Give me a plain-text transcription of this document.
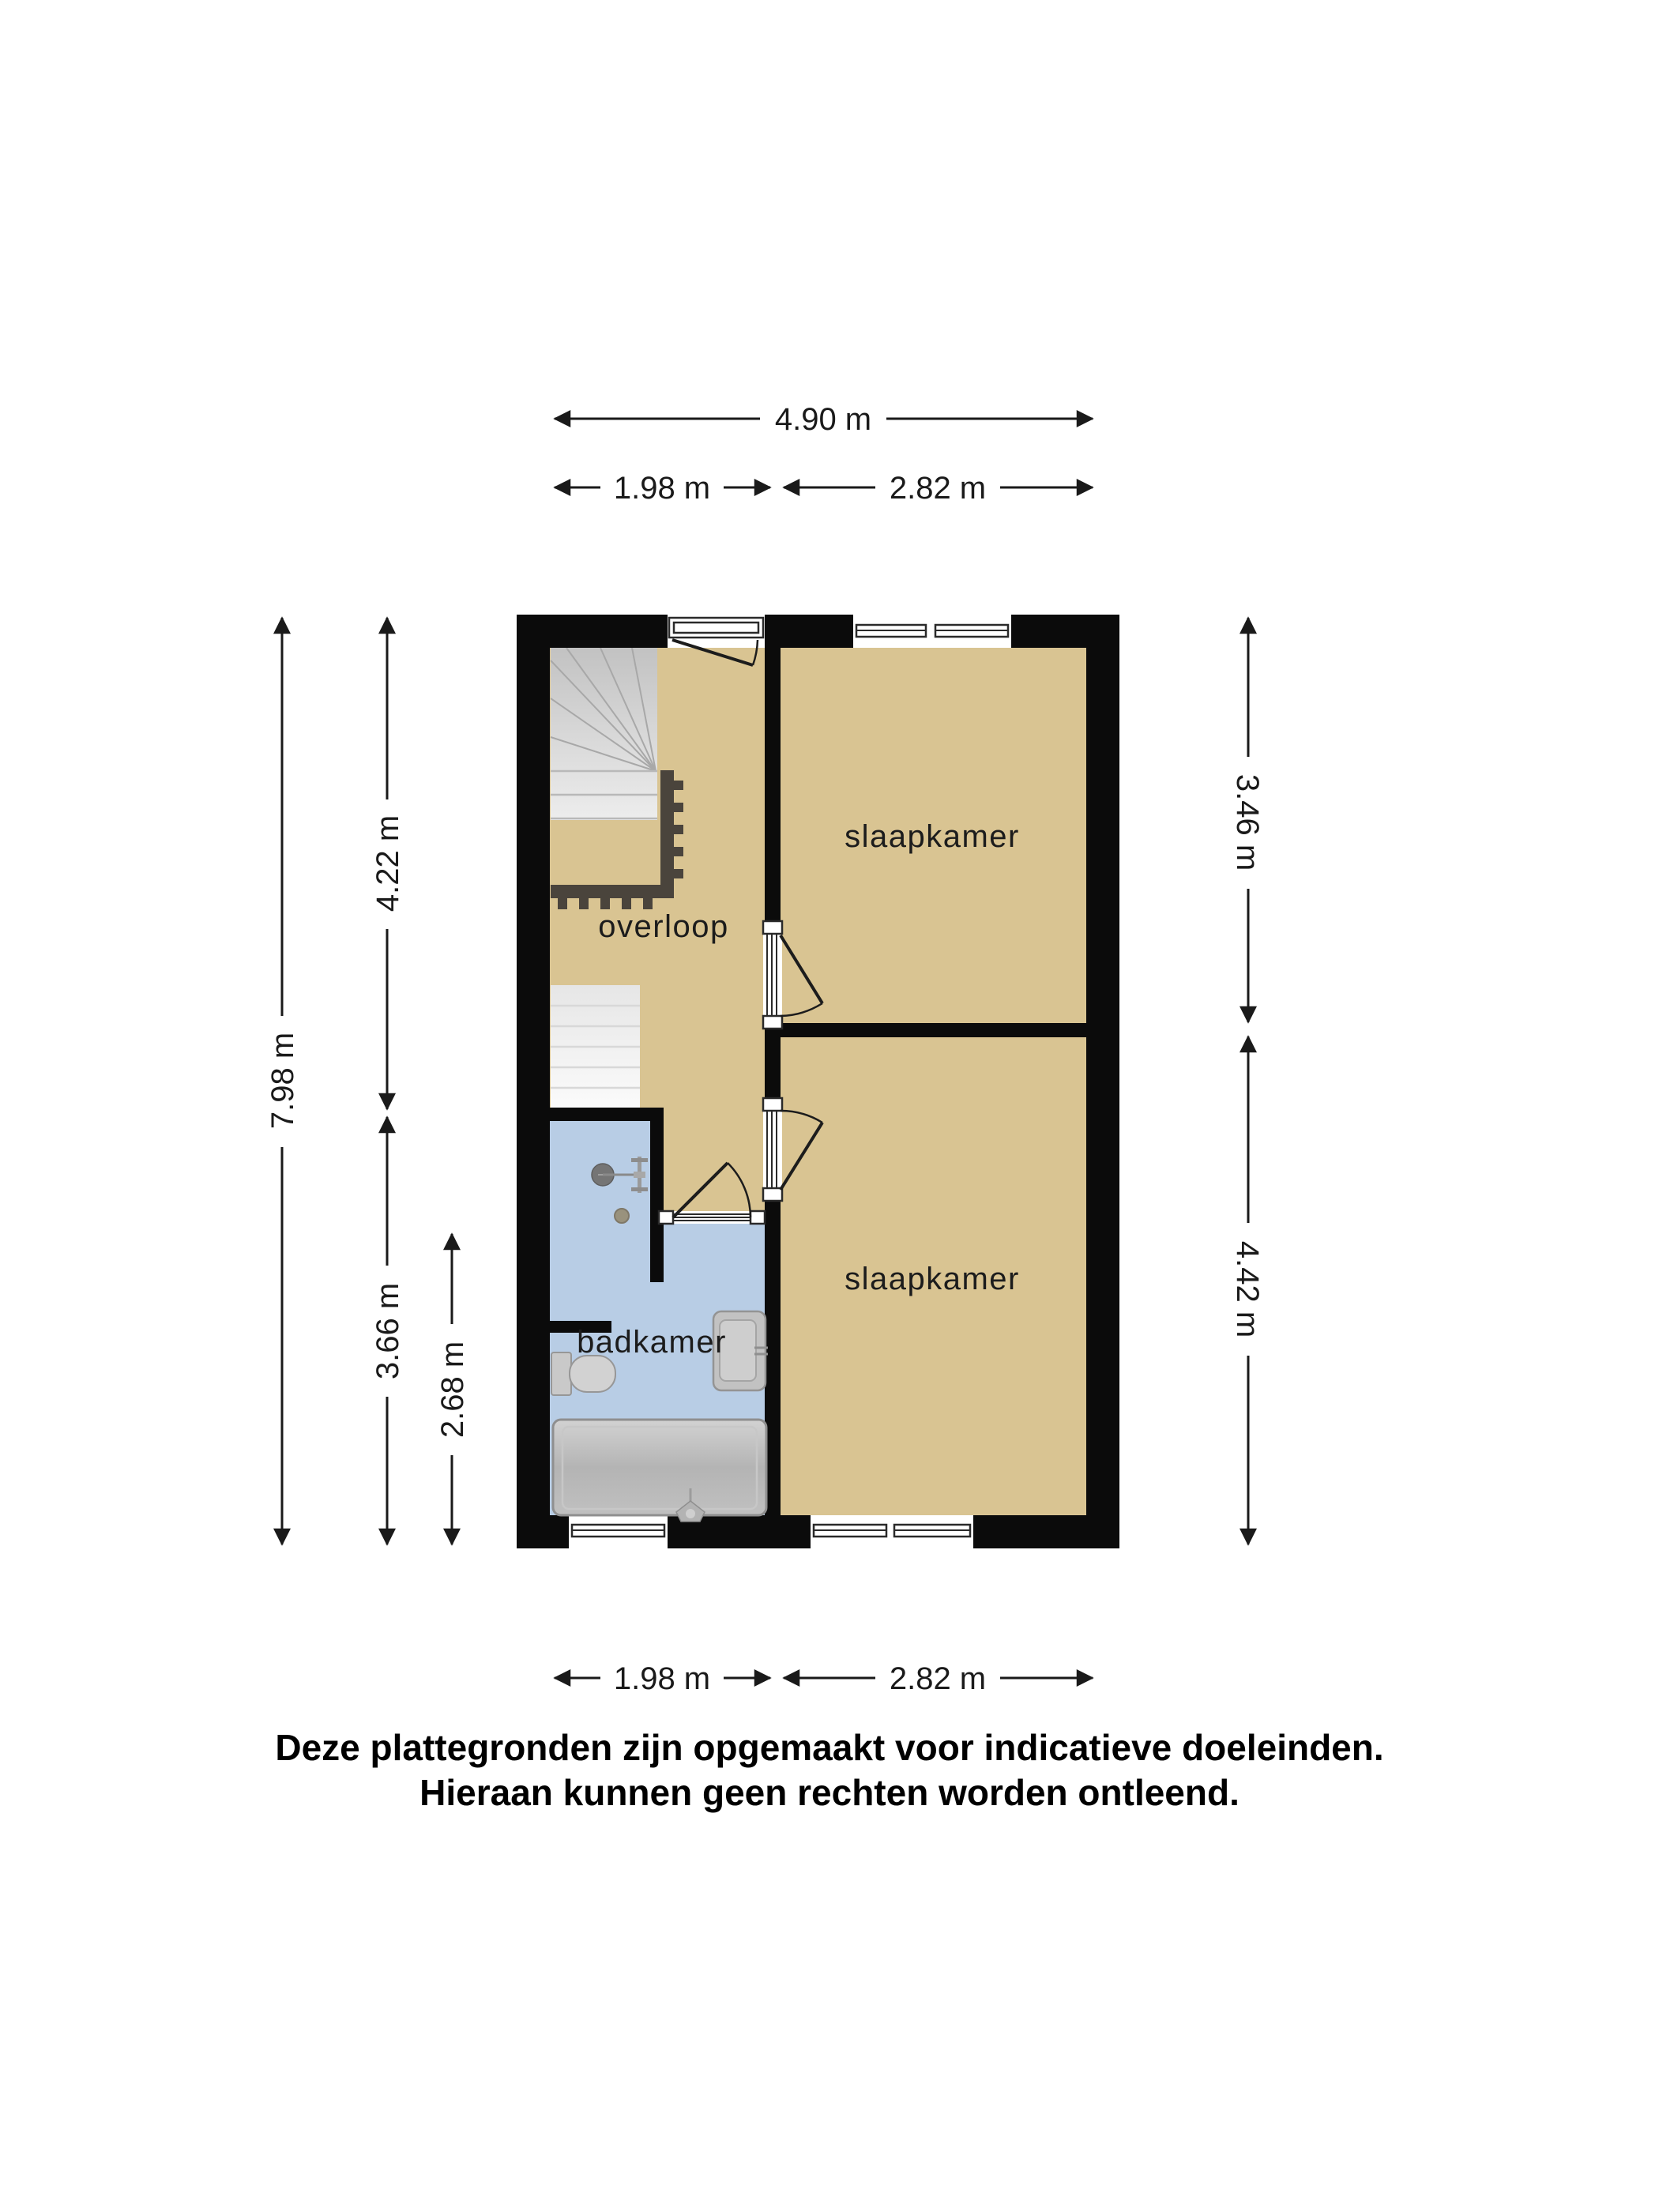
overloop
slaapkamer
slaapkamer
badkamer
4.90 m
1.98 m	2.82 m
1.98 m	2.82 m
7.98 m
4.22 m
3.66 m
2.68 m
3.46 m
4.42 m
Deze plattegronden zijn opgemaakt voor indicatieve doeleinden.
Hieraan kunnen geen rechten worden ontleend.
